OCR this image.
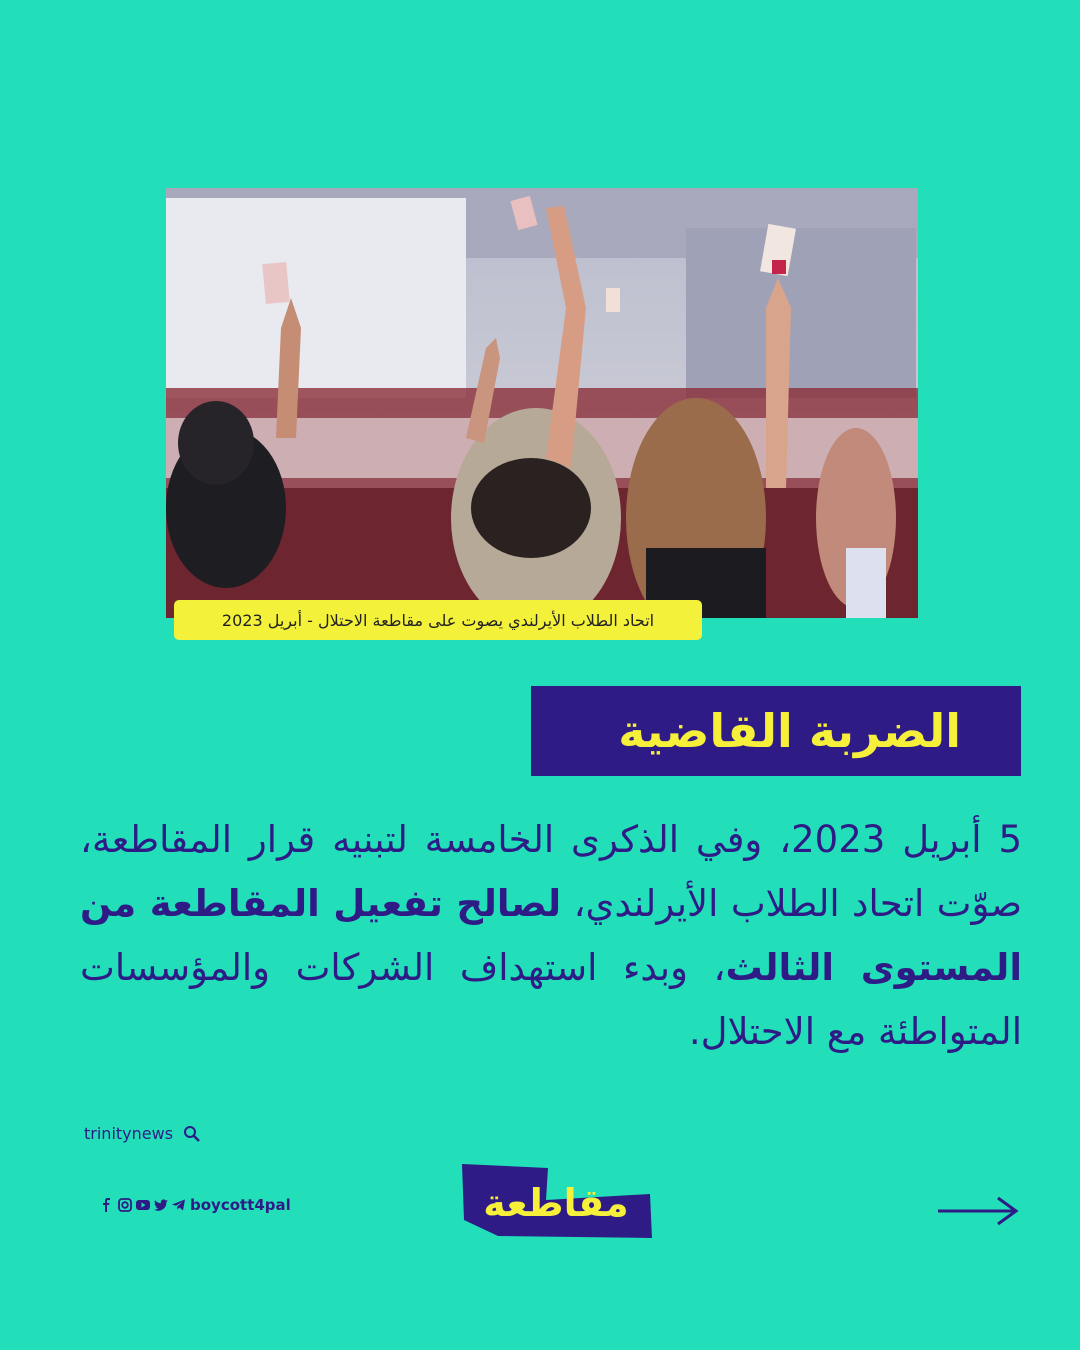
اتحاد الطلاب الأيرلندي يصوت على مقاطعة الاحتلال - أبريل 2023
الضربة القاضية
5 أبريل 2023، وفي الذكرى الخامسة لتبنيه قرار المقاطعة، صوّت اتحاد الطلاب الأيرلندي، لصالح تفعيل المقاطعة من المستوى الثالث، وبدء استهداف الشركات والمؤسسات المتواطئة مع الاحتلال.
trinitynews
boycott4pal	مقاطعة
